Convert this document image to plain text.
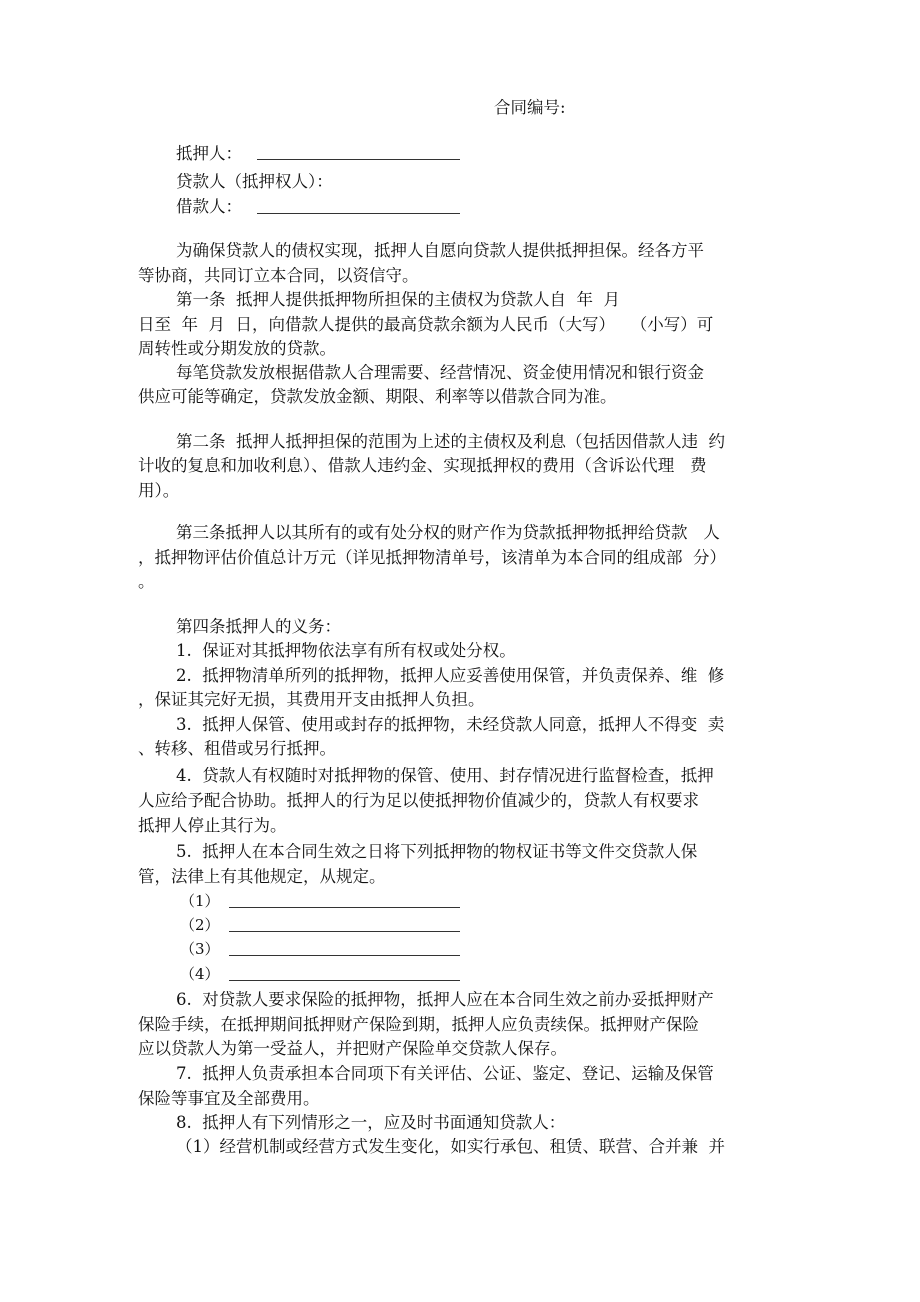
合同编号:
抵押人：
贷款人（抵押权人）：
借款人：
为确保贷款人的债权实现，抵押人自愿向贷款人提供抵押担保。经各方平
等协商，共同订立本合同，以资信守。
第一条  抵押人提供抵押物所担保的主债权为贷款人自  年  月
日至  年  月  日，向借款人提供的最高贷款余额为人民币（大写）   （小写）可
周转性或分期发放的贷款。
每笔贷款发放根据借款人合理需要、经营情况、资金使用情况和银行资金
供应可能等确定，贷款发放金额、期限、利率等以借款合同为准。
第二条  抵押人抵押担保的范围为上述的主债权及利息（包括因借款人违  约
计收的复息和加收利息）、借款人违约金、实现抵押权的费用（含诉讼代理   费
用）。
第三条抵押人以其所有的或有处分权的财产作为贷款抵押物抵押给贷款   人
，抵押物评估价值总计万元（详见抵押物清单号，该清单为本合同的组成部  分）
。
第四条抵押人的义务：
1.  保证对其抵押物依法享有所有权或处分权。
2.  抵押物清单所列的抵押物，抵押人应妥善使用保管，并负责保养、维  修
，保证其完好无损，其费用开支由抵押人负担。
3.  抵押人保管、使用或封存的抵押物，未经贷款人同意，抵押人不得变  卖
、转移、租借或另行抵押。
4.  贷款人有权随时对抵押物的保管、使用、封存情况进行监督检查，抵押
人应给予配合协助。抵押人的行为足以使抵押物价值减少的，贷款人有权要求
抵押人停止其行为。
5.  抵押人在本合同生效之日将下列抵押物的物权证书等文件交贷款人保
管，法律上有其他规定，从规定。
（1）
（2）
（3）
（4）
6.  对贷款人要求保险的抵押物，抵押人应在本合同生效之前办妥抵押财产
保险手续，在抵押期间抵押财产保险到期，抵押人应负责续保。抵押财产保险
应以贷款人为第一受益人，并把财产保险单交贷款人保存。
7.  抵押人负责承担本合同项下有关评估、公证、鉴定、登记、运输及保管
保险等事宜及全部费用。
8.  抵押人有下列情形之一，应及时书面通知贷款人：
（1）经营机制或经营方式发生变化，如实行承包、租赁、联营、合并兼  并
